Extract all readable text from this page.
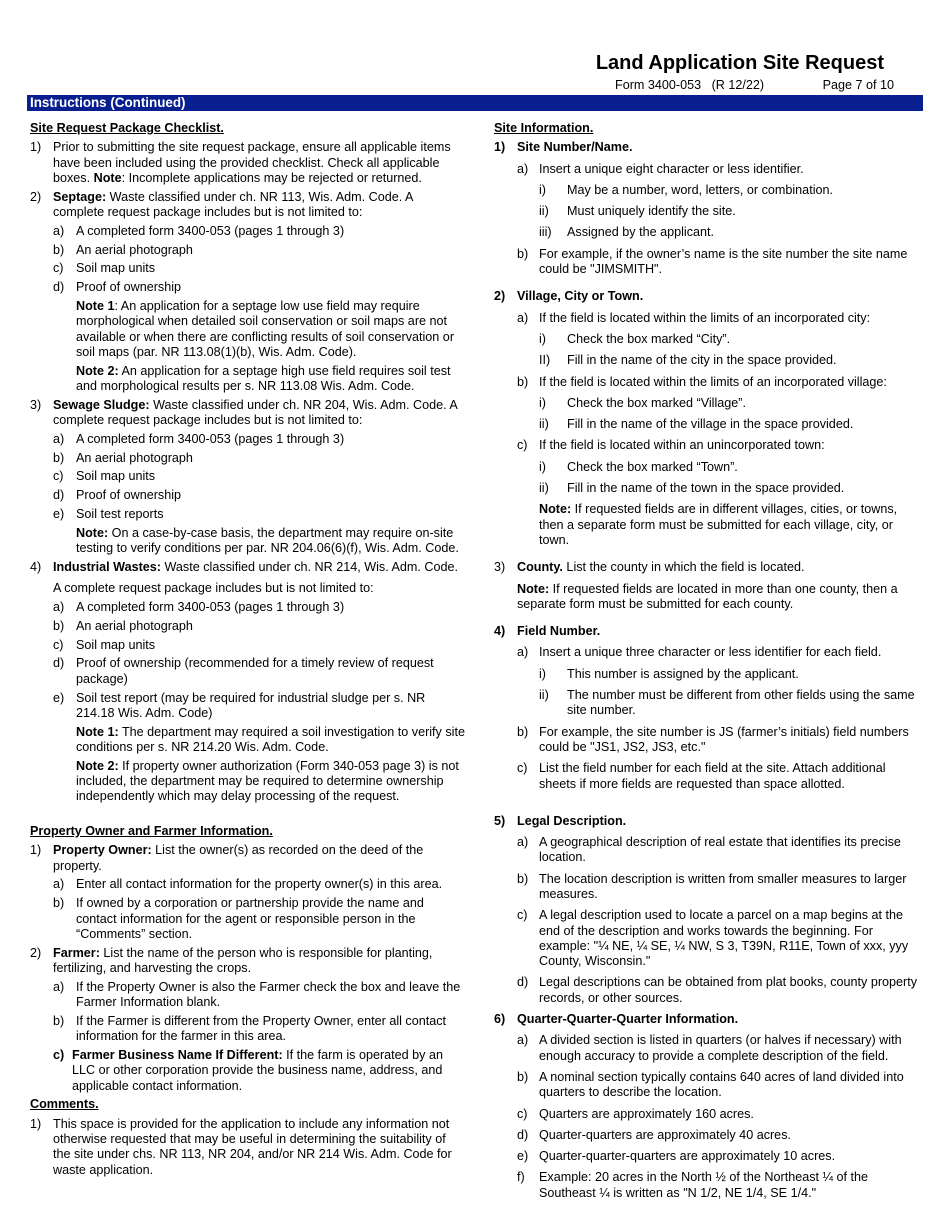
Land Application Site Request
Form 3400-053   (R 12/22)	Page 7 of 10
Instructions (Continued)
Site Request Package Checklist.
1) Prior to submitting the site request package, ensure all applicable items have been included using the provided checklist. Check all applicable boxes. Note: Incomplete applications may be rejected or returned.
2) Septage: Waste classified under ch. NR 113, Wis. Adm. Code. A complete request package includes but is not limited to:
a) A completed form 3400-053 (pages 1 through 3)
b) An aerial photograph
c) Soil map units
d) Proof of ownership
Note 1: An application for a septage low use field may require morphological when detailed soil conservation or soil maps are not available or when there are conflicting results of soil conservation or soil maps (par. NR 113.08(1)(b), Wis. Adm. Code).
Note 2: An application for a septage high use field requires soil test and morphological results per s. NR 113.08 Wis. Adm. Code.
3) Sewage Sludge: Waste classified under ch. NR 204, Wis. Adm. Code. A complete request package includes but is not limited to:
a) A completed form 3400-053 (pages 1 through 3)
b) An aerial photograph
c) Soil map units
d) Proof of ownership
e) Soil test reports
Note: On a case-by-case basis, the department may require on-site testing to verify conditions per par. NR 204.06(6)(f), Wis. Adm. Code.
4) Industrial Wastes: Waste classified under ch. NR 214, Wis. Adm. Code.
A complete request package includes but is not limited to:
a) A completed form 3400-053 (pages 1 through 3)
b) An aerial photograph
c) Soil map units
d) Proof of ownership (recommended for a timely review of request package)
e) Soil test report (may be required for industrial sludge per s. NR 214.18 Wis. Adm. Code)
Note 1: The department may required a soil investigation to verify site conditions per s. NR 214.20 Wis. Adm. Code.
Note 2: If property owner authorization (Form 340-053 page 3) is not included, the department may be required to determine ownership independently which may delay processing of the request.
Property Owner and Farmer Information.
1) Property Owner: List the owner(s) as recorded on the deed of the property.
a) Enter all contact information for the property owner(s) in this area.
b) If owned by a corporation or partnership provide the name and contact information for the agent or responsible person in the “Comments” section.
2) Farmer: List the name of the person who is responsible for planting, fertilizing, and harvesting the crops.
a) If the Property Owner is also the Farmer check the box and leave the Farmer Information blank.
b) If the Farmer is different from the Property Owner, enter all contact information for the farmer in this area.
c) Farmer Business Name If Different: If the farm is operated by an LLC or other corporation provide the business name, address, and applicable contact information.
Comments.
1) This space is provided for the application to include any information not otherwise requested that may be useful in determining the suitability of the site under chs. NR 113, NR 204, and/or NR 214 Wis. Adm. Code for waste application.
Site Information.
1) Site Number/Name.
a) Insert a unique eight character or less identifier.
i) May be a number, word, letters, or combination.
ii) Must uniquely identify the site.
iii) Assigned by the applicant.
b) For example, if the owner’s name is the site number the site name could be "JIMSMITH".
2) Village, City or Town.
a) If the field is located within the limits of an incorporated city:
i) Check the box marked “City”.
II) Fill in the name of the city in the space provided.
b) If the field is located within the limits of an incorporated village:
i) Check the box marked “Village”.
ii) Fill in the name of the village in the space provided.
c) If the field is located within an unincorporated town:
i) Check the box marked “Town”.
ii) Fill in the name of the town in the space provided.
Note: If requested fields are in different villages, cities, or towns, then a separate form must be submitted for each village, city, or town.
3) County. List the county in which the field is located.
Note: If requested fields are located in more than one county, then a separate form must be submitted for each county.
4) Field Number.
a) Insert a unique three character or less identifier for each field.
i) This number is assigned by the applicant.
ii) The number must be different from other fields using the same site number.
b) For example, the site number is JS (farmer’s initials) field numbers could be "JS1, JS2, JS3, etc."
c) List the field number for each field at the site. Attach additional sheets if more fields are requested than space allotted.
5) Legal Description.
a) A geographical description of real estate that identifies its precise location.
b) The location description is written from smaller measures to larger measures.
c) A legal description used to locate a parcel on a map begins at the end of the description and works towards the beginning. For example: "¼ NE, ¼ SE, ¼ NW, S 3, T39N, R11E, Town of xxx, yyy County, Wisconsin."
d) Legal descriptions can be obtained from plat books, county property records, or other sources.
6) Quarter-Quarter-Quarter Information.
a) A divided section is listed in quarters (or halves if necessary) with enough accuracy to provide a complete description of the field.
b) A nominal section typically contains 640 acres of land divided into quarters to describe the location.
c) Quarters are approximately 160 acres.
d) Quarter-quarters are approximately 40 acres.
e) Quarter-quarter-quarters are approximately 10 acres.
f) Example: 20 acres in the North ½ of the Northeast ¼ of the Southeast ¼ is written as "N 1/2, NE 1/4, SE 1/4."
